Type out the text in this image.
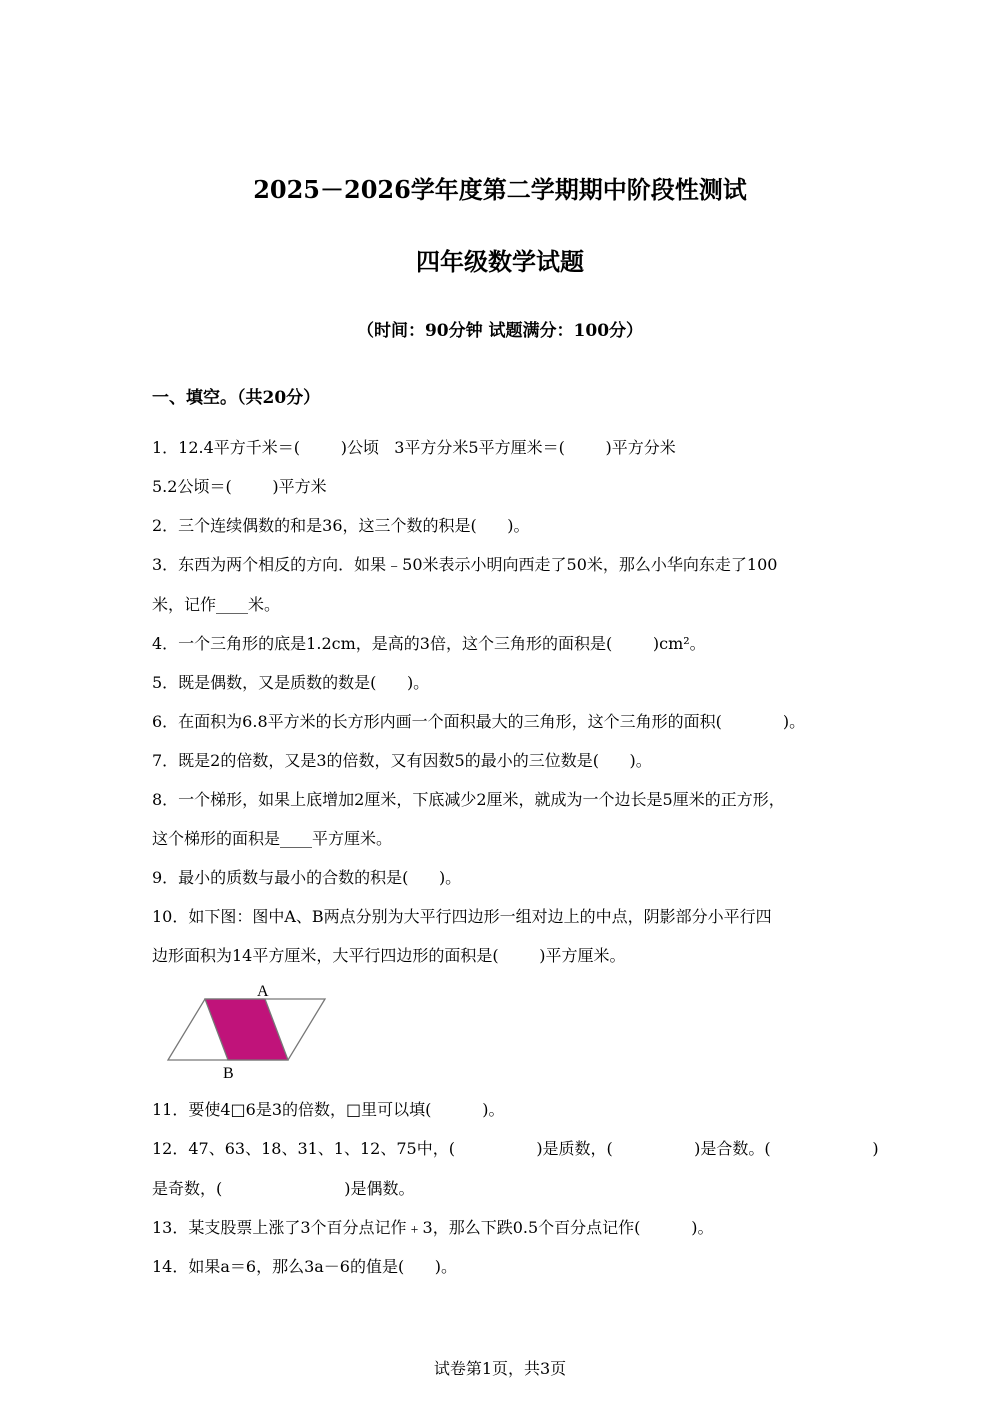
2025－2026学年度第二学期期中阶段性测试
四年级数学试题

（时间：90分钟 试题满分：100分）

一、填空。（共20分）

1．12.4平方千米＝(        )公顷   3平方分米5平方厘米＝(        )平方分米

5.2公顷＝(        )平方米

2．三个连续偶数的和是36，这三个数的积是(      )。

3．东西为两个相反的方向．如果﹣50米表示小明向西走了50米，那么小华向东走了100

米，记作____米。

4．一个三角形的底是1.2cm，是高的3倍，这个三角形的面积是(        )cm²。

5．既是偶数，又是质数的数是(      )。

6．在面积为6.8平方米的长方形内画一个面积最大的三角形，这个三角形的面积(            )。

7．既是2的倍数，又是3的倍数，又有因数5的最小的三位数是(      )。

8．一个梯形，如果上底增加2厘米，下底减少2厘米，就成为一个边长是5厘米的正方形，

这个梯形的面积是____平方厘米。

9．最小的质数与最小的合数的积是(      )。

10．如下图：图中A、B两点分别为大平行四边形一组对边上的中点，阴影部分小平行四

边形面积为14平方厘米，大平行四边形的面积是(        )平方厘米。

A
B

11．要使4□6是3的倍数，□里可以填(          )。

12．47、63、18、31、1、12、75中，(                )是质数，(                )是合数。(                    )

是奇数，(                        )是偶数。

13．某支股票上涨了3个百分点记作﹢3，那么下跌0.5个百分点记作(          )。

14．如果a＝6，那么3a－6的值是(      )。

试卷第1页，共3页
